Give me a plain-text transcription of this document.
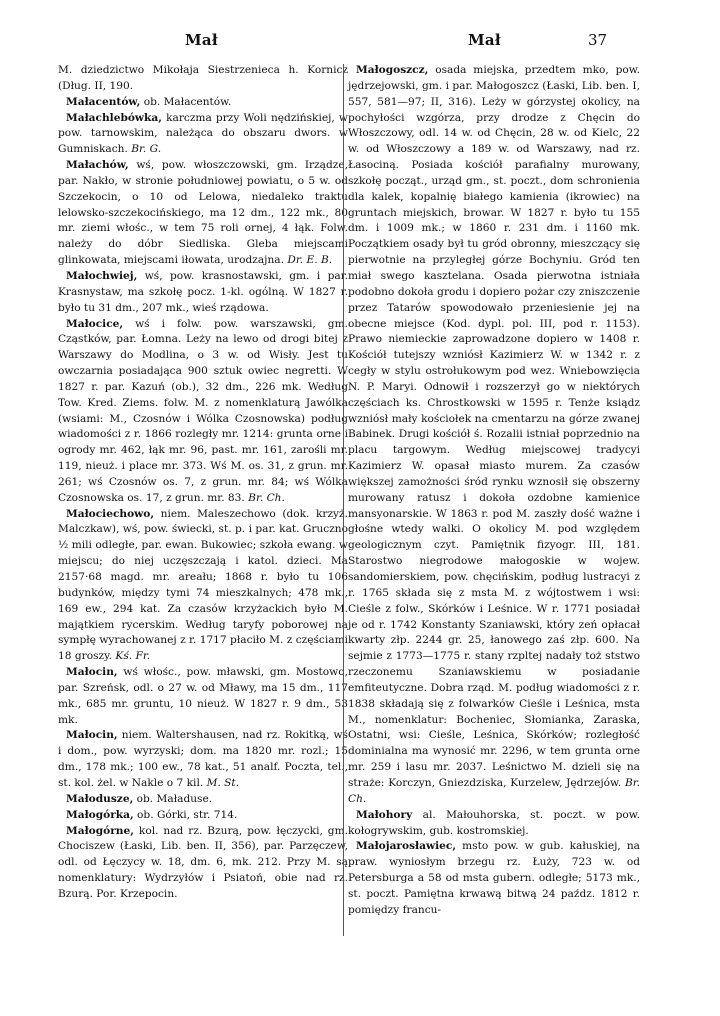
Mał	Mał	37

M. dziedzictwo Mikołaja Siestrzeniecа h. Kornicz (Dług. II, 190.

Małacentów, ob. Małacentów.

Małachlebówka, karczma przy Woli nędzińskiej, w pow. tarnowskim, należąca do obszaru dwors. w Gumniskach. Br. G.

Małachów, wś, pow. włoszczowski, gm. Irządze, par. Nakło, w stronie południowej powiatu, o 5 w. od Szczekocin, o 10 od Lelowa, niedaleko traktu lelowsko-szczekocińskiego, ma 12 dm., 122 mk., 80 mr. ziemi włośc., w tem 75 roli ornej, 4 łąk. Folw. należy do dóbr Siedliska. Gleba miejscami glinkowata, miejscami iłowata, urodzajna. Dr. E. B.

Małochwiej, wś, pow. krasnostawski, gm. i par. Krasnystaw, ma szkołę pocz. 1-kl. ogólną. W 1827 r. było tu 31 dm., 207 mk., wieś rządowa.

Małocice, wś i folw. pow. warszawski, gm. Cząstków, par. Łomna. Leży na lewo od drogi bitej z Warszawy do Modlina, o 3 w. od Wisły. Jest tu owczarnia posiadająca 900 sztuk owiec negretti. W 1827 r. par. Kazuń (ob.), 32 dm., 226 mk. Według Tow. Kred. Ziems. folw. M. z nomenklaturą Jawólka (wsiami: M., Czosnów i Wólka Czosnowska) podług wiadomości z r. 1866 rozległy mr. 1214: grunta orne i ogrody mr. 462, łąk mr. 96, past. mr. 161, zarośli mr. 119, nieuż. i place mr. 373. Wś M. os. 31, z grun. mr. 261; wś Czosnów os. 7, z grun. mr. 84; wś Wólka Czosnowska os. 17, z grun. mr. 83. Br. Ch.

Małociechowo, niem. Maleszechowo (dok. krzyż. Malczkaw), wś, pow. świecki, st. p. i par. kat. Gruczno ½ mili odległe, par. ewan. Bukowiec; szkoła ewang. w miejscu; do niej uczęszczają i katol. dzieci. Ma 2157·68 magd. mr. areału; 1868 r. było tu 106 budynków, między tymi 74 mieszkalnych; 478 mk., 169 ew., 294 kat. Za czasów krzyżackich było M. majątkiem rycerskim. Według taryfy poborowej na sympłę wyrachowanej z r. 1717 płaciło M. z częściami 18 groszy. Kś. Fr.

Małocin, wś włośc., pow. mławski, gm. Mostowo, par. Szreńsk, odl. o 27 w. od Mławy, ma 15 dm., 117 mk., 685 mr. gruntu, 10 nieuż. W 1827 r. 9 dm., 53 mk.

Małocin, niem. Waltershausen, nad rz. Rokitką, wś i dom., pow. wyrzyski; dom. ma 1820 mr. rozl.; 15 dm., 178 mk.; 100 ew., 78 kat., 51 analf. Poczta, tel., st. kol. żel. w Nakle o 7 kil. M. St.

Małodusze, ob. Maładuse.

Małogórka, ob. Górki, str. 714.

Małogórne, kol. nad rz. Bzurą, pow. łęczycki, gm. Chociszew (Łaski, Lib. ben. II, 356), par. Parzęczew, odl. od Łęczycy w. 18, dm. 6, mk. 212. Przy M. są nomenklatury: Wydrzyłów i Psiatoń, obie nad rz. Bzurą. Por. Krzepocin.

Małogoszcz, osada miejska, przedtem mko, pow. jędrzejowski, gm. i par. Małogoszcz (Łaski, Lib. ben. I, 557, 581—97; II, 316). Leży w górzystej okolicy, na pochyłości wzgórza, przy drodze z Chęcin do Włoszczowy, odl. 14 w. od Chęcin, 28 w. od Kielc, 22 w. od Włoszczowy a 189 w. od Warszawy, nad rz. Łasociną. Posiada kościół parafialny murowany, szkołę począt., urząd gm., st. poczt., dom schronienia dla kalek, kopalnię białego kamienia (ikrowiec) na gruntach miejskich, browar. W 1827 r. było tu 155 dm. i 1009 mk.; w 1860 r. 231 dm. i 1160 mk. Początkiem osady był tu gród obronny, mieszczący się pierwotnie na przyległej górze Bochyniu. Gród ten miał swego kasztelana. Osada pierwotna istniała podobno dokoła grodu i dopiero pożar czy zniszczenie przez Tatarów spowodowało przeniesienie jej na obecne miejsce (Kod. dypl. pol. III, pod r. 1153). Prawo niemieckie zaprowadzone dopiero w 1408 r. Kościół tutejszy wzniósł Kazimierz W. w 1342 r. z cegły w stylu ostrołukowym pod wez. Wniebowzięcia N. P. Maryi. Odnowił i rozszerzył go w niektórych częściach ks. Chrostkowski w 1595 r. Tenże ksiądz wzniósł mały kościołek na cmentarzu na górze zwanej Babinek. Drugi kościół ś. Rozalii istniał poprzednio na placu targowym. Według miejscowej tradycyi Kazimierz W. opasał miasto murem. Za czasów większej zamożności śród rynku wznosił się obszerny murowany ratusz i dokoła ozdobne kamienice mansyonarskie. W 1863 r. pod M. zaszły dość ważne i głośne wtedy walki. O okolicy M. pod względem geologicznym czyt. Pamiętnik fizyogr. III, 181. Starostwo niegrodowe małogoskie w wojew. sandomierskiem, pow. chęcińskim, podług lustracyi z r. 1765 składa się z msta M. z wójtostwem i wsi: Cieśle z folw., Skórków i Leśnice. W r. 1771 posiadał je od r. 1742 Konstanty Szaniawski, który zeń opłacał kwarty złp. 2244 gr. 25, łanowego zaś złp. 600. Na sejmie z 1773—1775 r. stany rzpltej nadały toż ststwo rzeczonemu Szaniawskiemu w posiadanie emfiteutyczne. Dobra rząd. M. podług wiadomości z r. 1838 składają się z folwarków Cieśle i Leśnica, msta M., nomenklatur: Bocheniec, Słomianka, Zaraska, Ostatni, wsi: Cieśle, Leśnica, Skórków; rozległość dominialna ma wynosić mr. 2296, w tem grunta orne mr. 259 i lasu mr. 2037. Leśnictwo M. dzieli się na straże: Korczyn, Gniezdziska, Kurzelew, Jędrzejów. Br. Ch.

Małohory al. Małouhorska, st. poczt. w pow. kołogrywskim, gub. kostromskiej.

Małojarosławiec, msto pow. w gub. kałuskiej, na praw. wyniosłym brzegu rz. Łuży, 723 w. od Petersburga a 58 od msta gubern. odległe; 5173 mk., st. poczt. Pamiętna krwawą bitwą 24 paźdz. 1812 r. pomiędzy francu-
